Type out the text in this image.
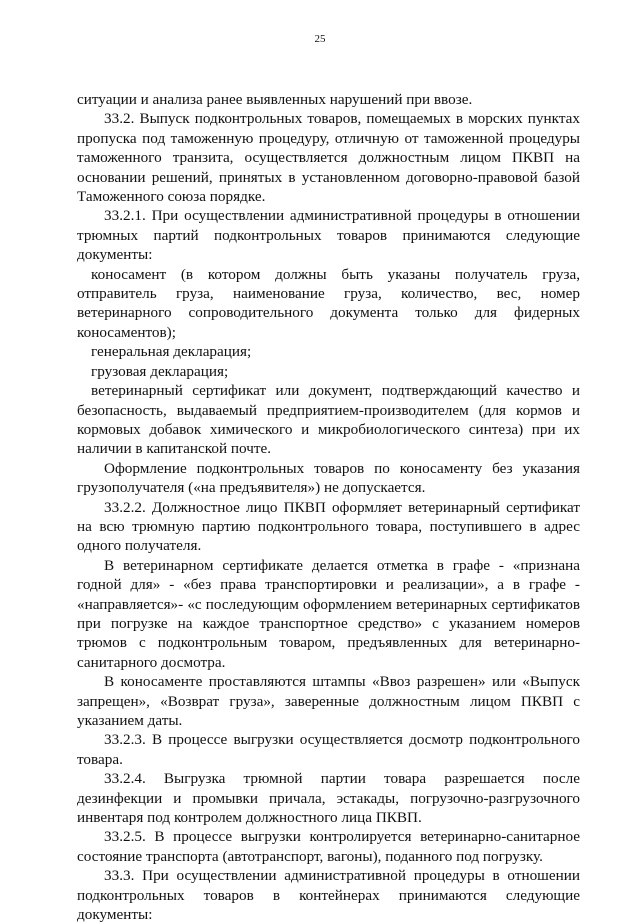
25

ситуации и анализа ранее выявленных нарушений при ввозе.

33.2. Выпуск подконтрольных товаров, помещаемых в морских пунктах пропуска под таможенную процедуру, отличную от таможенной процедуры таможенного транзита, осуществляется должностным лицом ПКВП на основании решений, принятых в установленном договорно-правовой базой Таможенного союза порядке.

33.2.1. При осуществлении административной процедуры в отношении трюмных партий подконтрольных товаров принимаются следующие документы:

коносамент (в котором должны быть указаны получатель груза, отправитель груза, наименование груза, количество, вес, номер ветеринарного сопроводительного документа только для фидерных коносаментов);

генеральная декларация;

грузовая декларация;

ветеринарный сертификат или документ, подтверждающий качество и безопасность, выдаваемый предприятием-производителем (для кормов и кормовых добавок химического и микробиологического синтеза) при их наличии в капитанской почте.

Оформление подконтрольных товаров по коносаменту без указания грузополучателя («на предъявителя») не допускается.

33.2.2. Должностное лицо ПКВП оформляет ветеринарный сертификат на всю трюмную партию подконтрольного товара, поступившего в адрес одного получателя.

В ветеринарном сертификате делается отметка в графе - «признана годной для» - «без права транспортировки и реализации», а в графе - «направляется»- «с последующим оформлением ветеринарных сертификатов при погрузке на каждое транспортное средство» с указанием номеров трюмов с подконтрольным товаром, предъявленных для ветеринарно-санитарного досмотра.

В коносаменте проставляются штампы «Ввоз разрешен» или «Выпуск запрещен», «Возврат груза», заверенные должностным лицом ПКВП с указанием даты.

33.2.3. В процессе выгрузки осуществляется досмотр подконтрольного товара.

33.2.4. Выгрузка трюмной партии товара разрешается после дезинфекции и промывки причала, эстакады, погрузочно-разгрузочного инвентаря под контролем должностного лица ПКВП.

33.2.5. В процессе выгрузки контролируется ветеринарно-санитарное состояние транспорта (автотранспорт, вагоны), поданного под погрузку.

33.3. При осуществлении административной процедуры в отношении подконтрольных товаров в контейнерах принимаются следующие документы:
